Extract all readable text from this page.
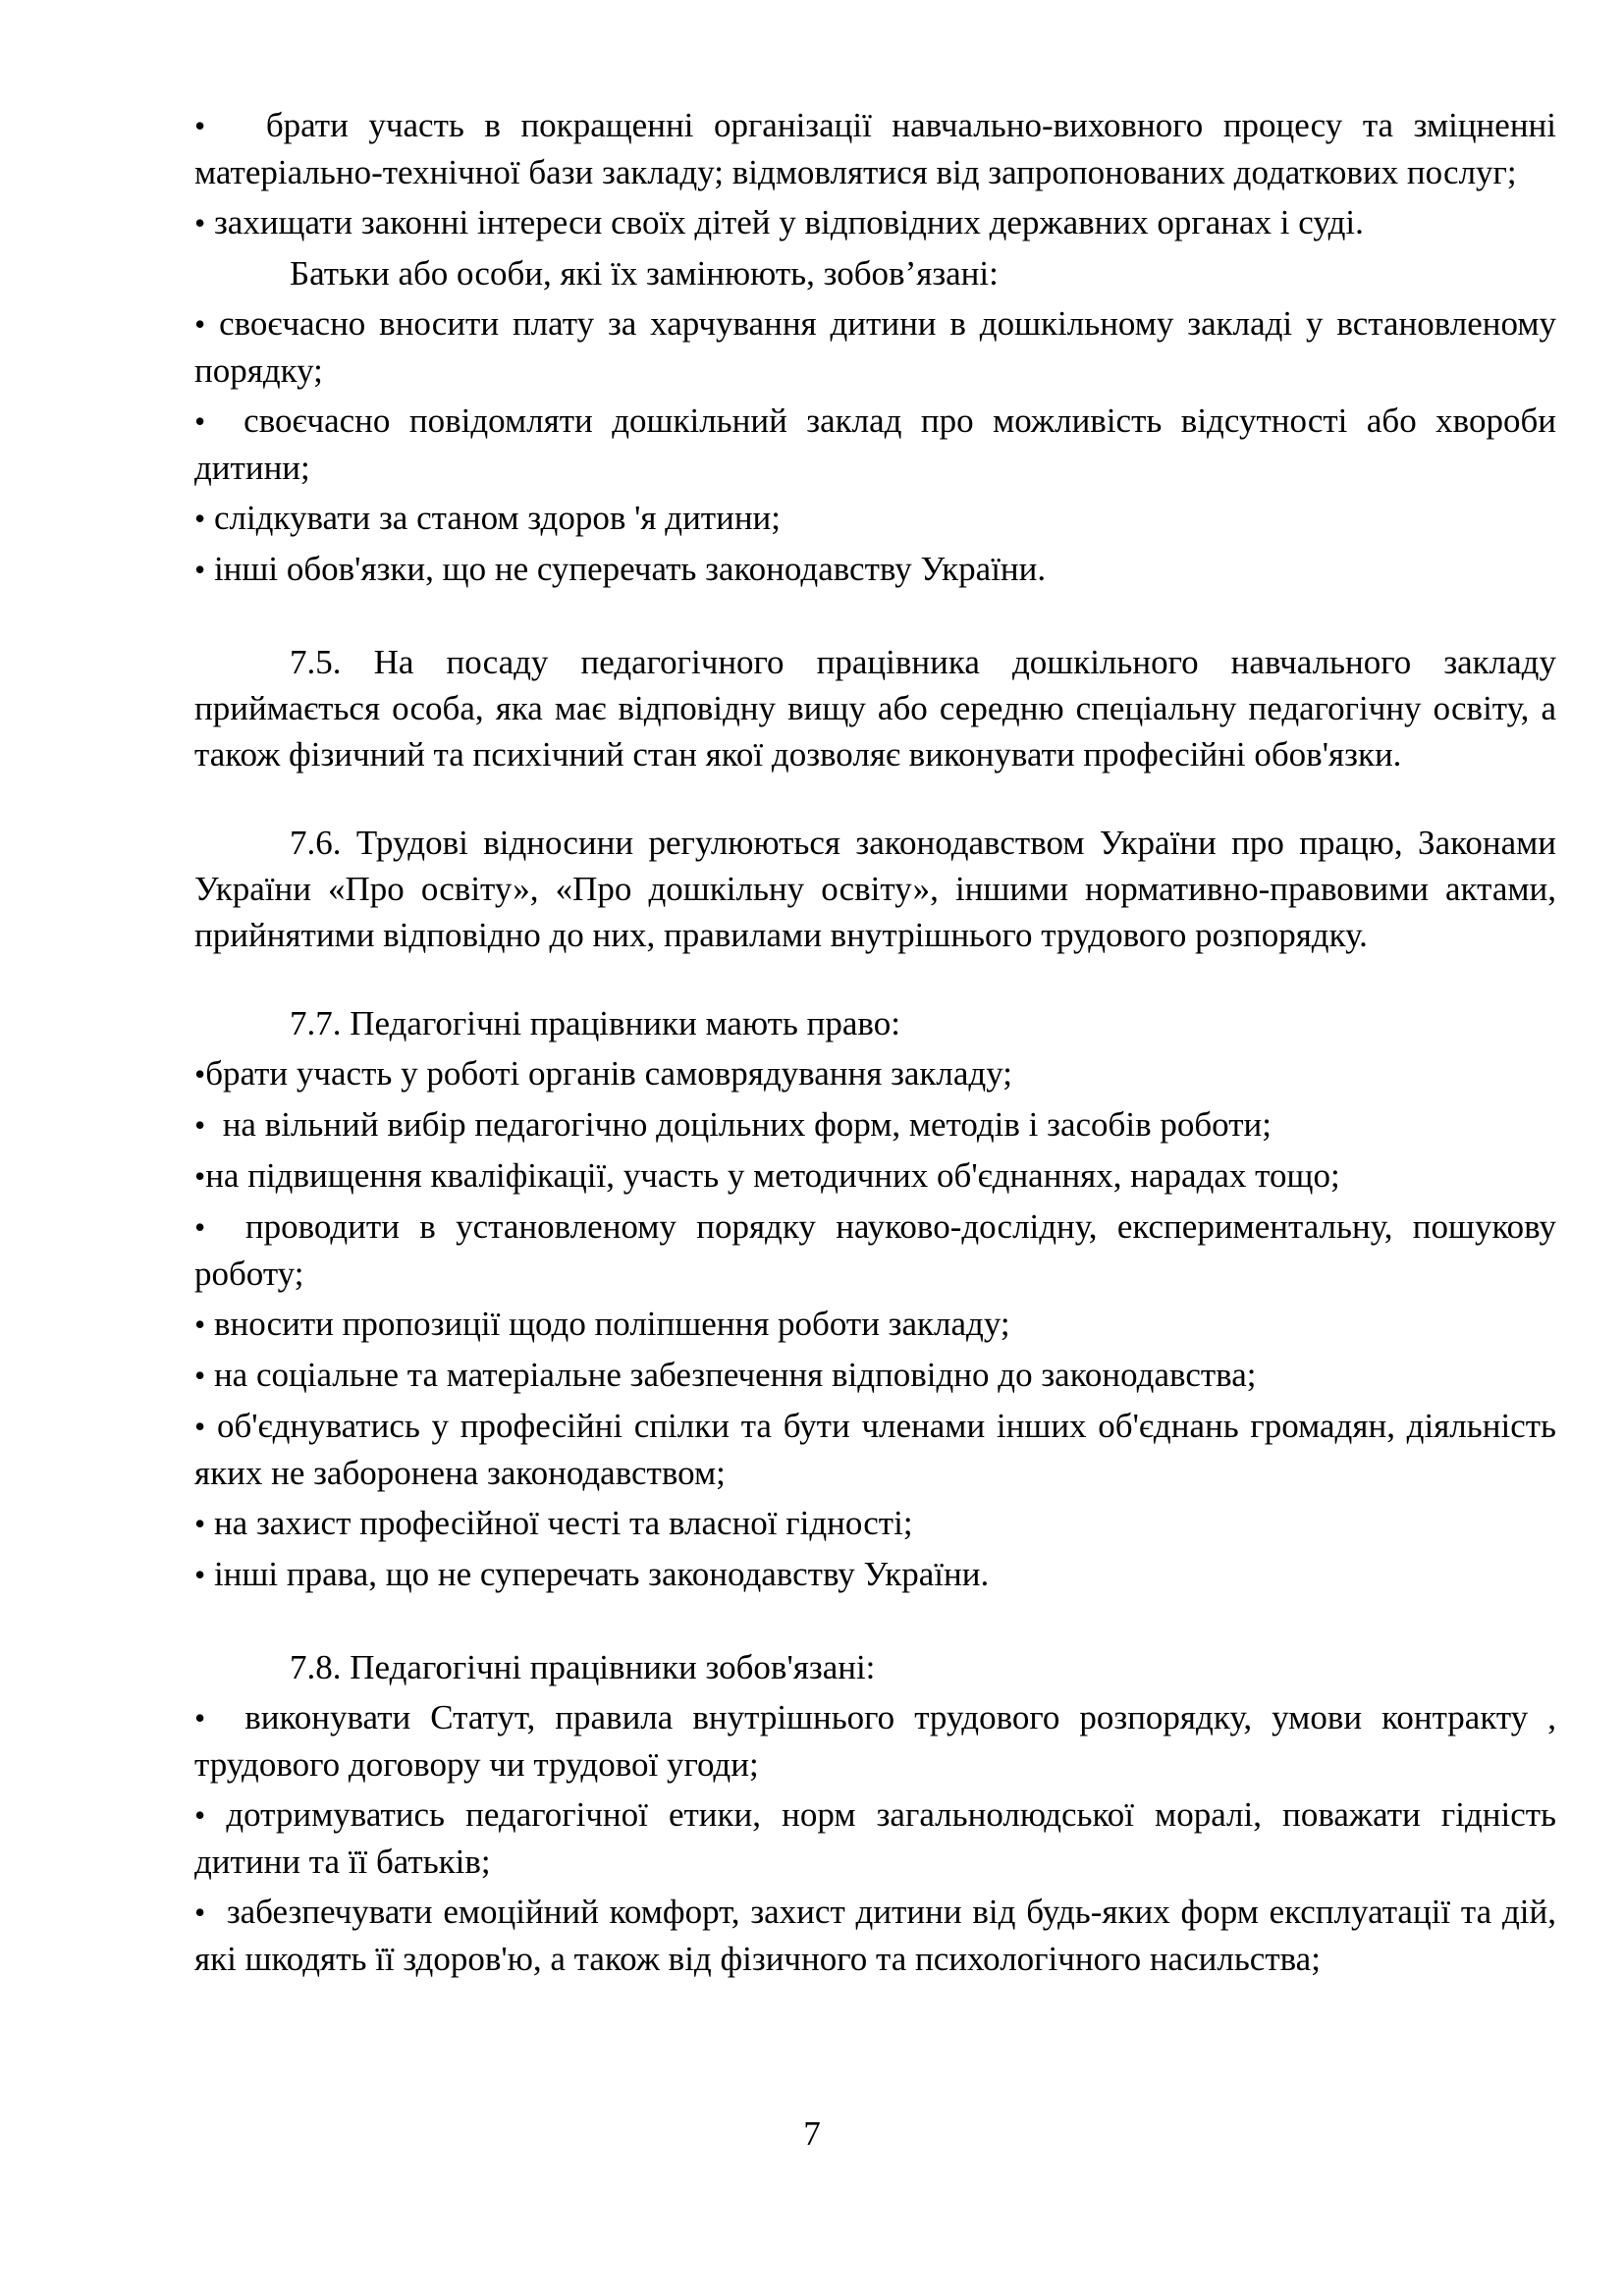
• брати участь в покращенні організації навчально-виховного процесу та зміцненні матеріально-технічної бази закладу; відмовлятися від запропонованих додаткових послуг;

• захищати законні інтереси своїх дітей у відповідних державних органах і суді.

Батьки або особи, які їх замінюють, зобов’язані:

• своєчасно вносити плату за харчування дитини в дошкільному закладі у встановленому порядку;

• своєчасно повідомляти дошкільний заклад про можливість відсутності або хвороби дитини;

• слідкувати за станом здоров 'я дитини;

• інші обов'язки, що не суперечать законодавству України.

7.5. На посаду педагогічного працівника дошкільного навчального закладу приймається особа, яка має відповідну вищу або середню спеціальну педагогічну освіту, а також фізичний та психічний стан якої дозволяє виконувати професійні обов'язки.

7.6. Трудові відносини регулюються законодавством України про працю, Законами України «Про освіту», «Про дошкільну освіту», іншими нормативно-правовими актами, прийнятими відповідно до них, правилами внутрішнього трудового розпорядку.

7.7. Педагогічні працівники мають право:

•брати участь у роботі органів самоврядування закладу;

• на вільний вибір педагогічно доцільних форм, методів і засобів роботи;

•на підвищення кваліфікації, участь у методичних об'єднаннях, нарадах тощо;

• проводити в установленому порядку науково-дослідну, експериментальну, пошукову роботу;

• вносити пропозиції щодо поліпшення роботи закладу;

• на соціальне та матеріальне забезпечення відповідно до законодавства;

• об'єднуватись у професійні спілки та бути членами інших об'єднань громадян, діяльність яких не заборонена законодавством;

• на захист професійної честі та власної гідності;

• інші права, що не суперечать законодавству України.

7.8. Педагогічні працівники зобов'язані:

• виконувати Статут, правила внутрішнього трудового розпорядку, умови контракту , трудового договору чи трудової угоди;

• дотримуватись педагогічної етики, норм загальнолюдської моралі, поважати гідність дитини та її батьків;

• забезпечувати емоційний комфорт, захист дитини від будь-яких форм експлуатації та дій, які шкодять її здоров'ю, а також від фізичного та психологічного насильства;

7
